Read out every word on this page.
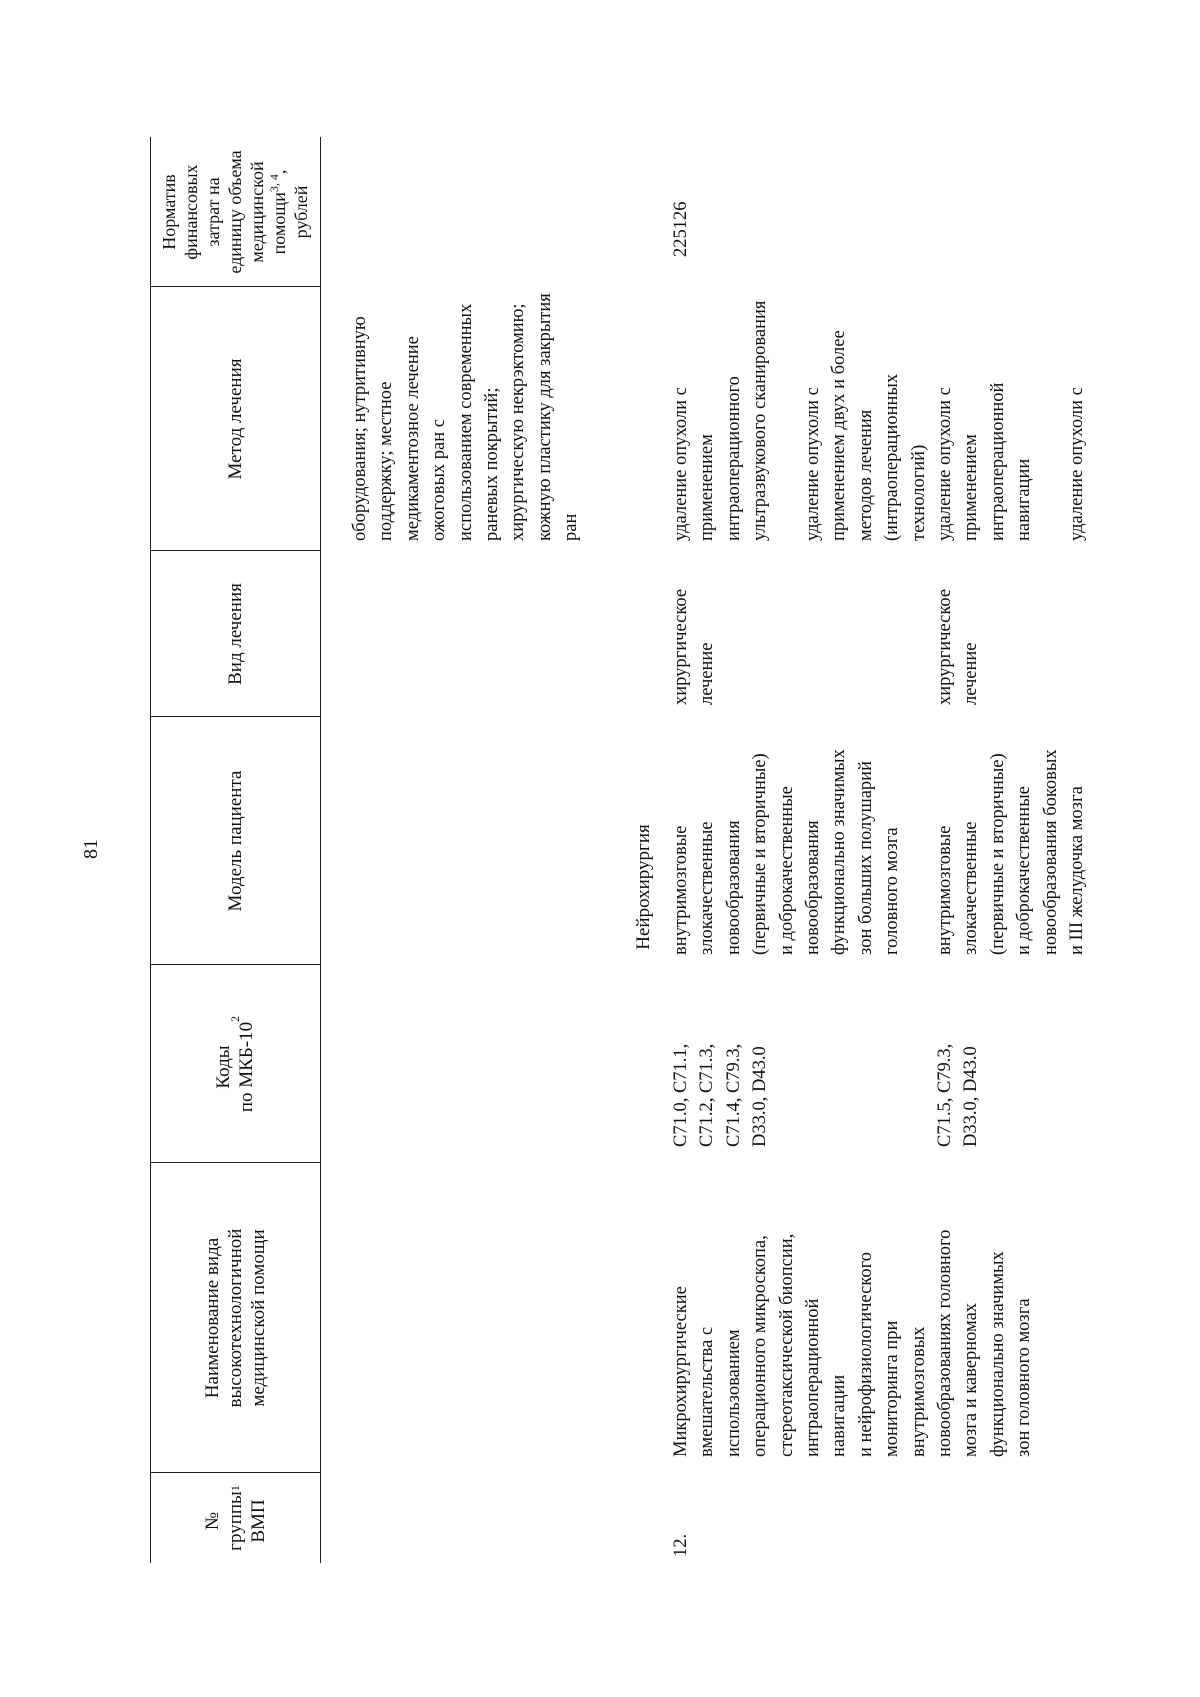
81
№
группы
ВМП
1
Наименование вида
высокотехнологичной
медицинской помощи
Коды
по МКБ-10
2
Модель пациента
Вид лечения
Метод лечения
Норматив
финансовых
затрат на
единицу объема
медицинской
помощи$^{3, 4}$,
рублей
оборудования; нутритивную
поддержку; местное
медикаментозное лечение
ожоговых ран с
использованием современных
раневых покрытий;
хирургическую некрэктомию;
кожную пластику для закрытия
ран
Нейрохирургия
12.
Микрохирургические
вмешательства с
использованием
операционного микроскопа,
стереотаксической биопсии,
интраоперационной
навигации
и нейрофизиологического
мониторинга при
внутримозговых
новообразованиях головного
мозга и каверномах
функционально значимых
зон головного мозга
225126
C71.0, C71.1,
C71.2, C71.3,
C71.4, C79.3,
D33.0, D43.0
внутримозговые
злокачественные
новообразования
(первичные и вторичные)
и доброкачественные
новообразования
функционально значимых
зон больших полушарий
головного мозга
хирургическое
лечение
удаление опухоли с
применением
интраоперационного
ультразвукового сканирования
удаление опухоли с
применением двух и более
методов лечения
(интраоперационных
технологий) удаление опухоли с
применением
интраоперационной
навигации
C71.5, C79.3,
D33.0, D43.0
внутримозговые
злокачественные
(первичные и вторичные)
и доброкачественные
новообразования боковых
и III желудочка мозга
хирургическое
лечение
удаление опухоли с
